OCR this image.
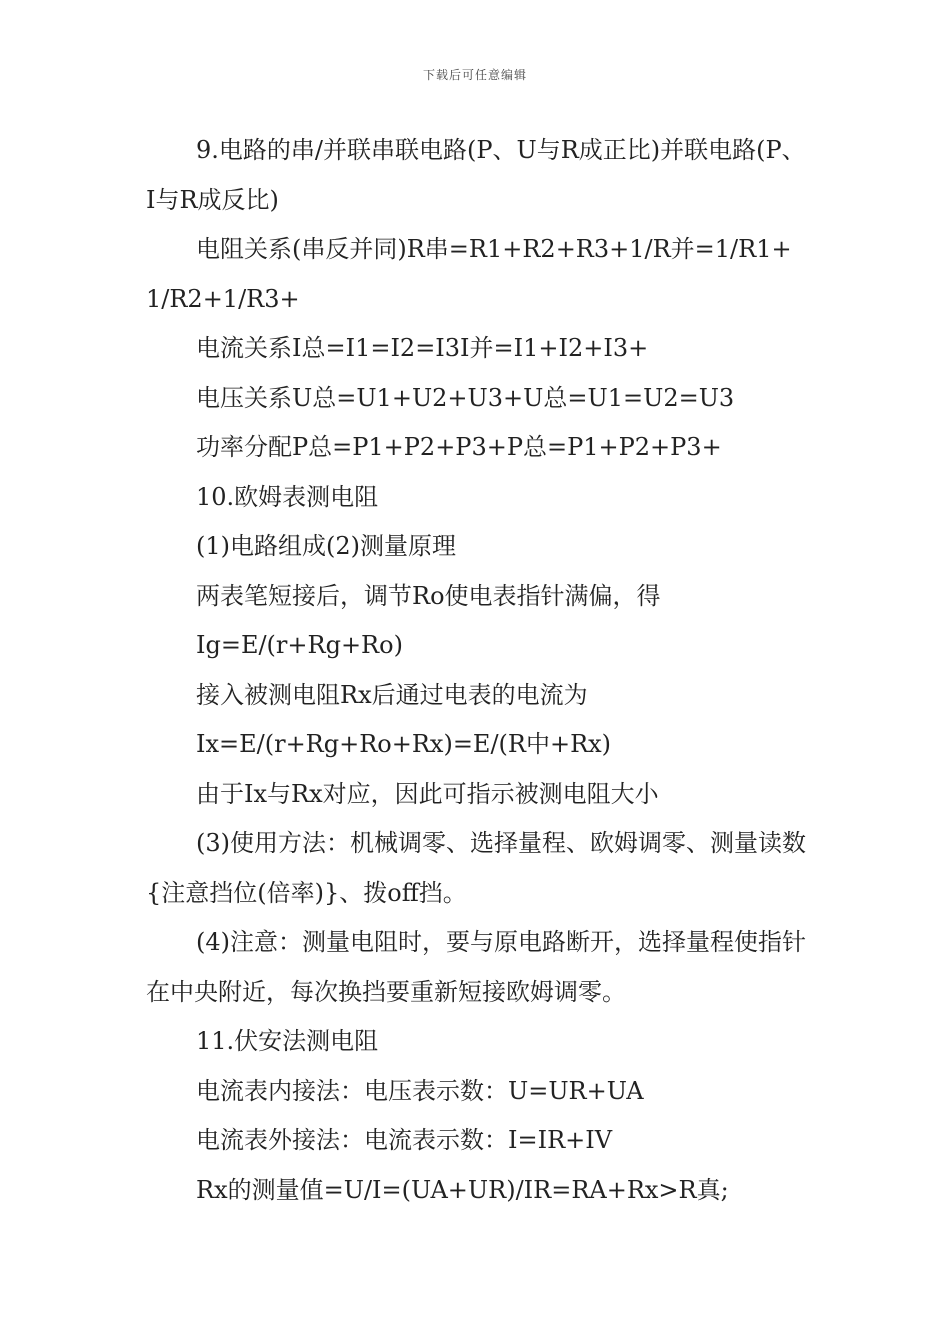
下载后可任意编辑

9.电路的串/并联串联电路(P、U与R成正比)并联电路(P、I与R成反比)

电阻关系(串反并同)R串=R1+R2+R3+1/R并=1/R1+1/R2+1/R3+

电流关系I总=I1=I2=I3I并=I1+I2+I3+

电压关系U总=U1+U2+U3+U总=U1=U2=U3

功率分配P总=P1+P2+P3+P总=P1+P2+P3+

10.欧姆表测电阻

(1)电路组成(2)测量原理

两表笔短接后，调节Ro使电表指针满偏，得

Ig=E/(r+Rg+Ro)

接入被测电阻Rx后通过电表的电流为

Ix=E/(r+Rg+Ro+Rx)=E/(R中+Rx)

由于Ix与Rx对应，因此可指示被测电阻大小

(3)使用方法：机械调零、选择量程、欧姆调零、测量读数{注意挡位(倍率)}、拨off挡。

(4)注意：测量电阻时，要与原电路断开，选择量程使指针在中央附近，每次换挡要重新短接欧姆调零。

11.伏安法测电阻

电流表内接法：电压表示数：U=UR+UA

电流表外接法：电流表示数：I=IR+IV

Rx的测量值=U/I=(UA+UR)/IR=RA+Rx>R真;
